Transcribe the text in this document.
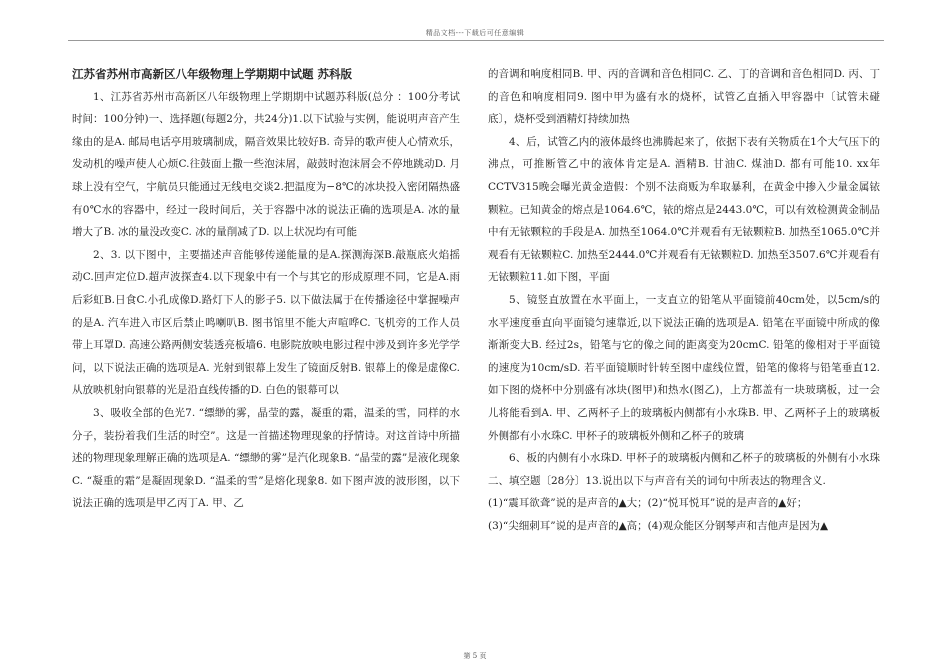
精品文档---下载后可任意编辑

江苏省苏州市高新区八年级物理上学期期中试题 苏科版

1、江苏省苏州市高新区八年级物理上学期期中试题苏科版(总分 ：100分考试时间：100分钟)一、选择题(每题2分，共24分)1.以下试验与实例，能说明声音产生缘由的是A. 邮局电话亭用玻璃制成，隔音效果比较好B. 奇异的歌声使人心情欢乐，发动机的噪声使人心烦C.往鼓面上撒一些泡沫屑，敲鼓时泡沫屑会不停地跳动D. 月球上没有空气，宇航员只能通过无线电交谈2.把温度为−8℃的冰块投入密闭隔热盛有0℃水的容器中，经过一段时间后，关于容器中冰的说法正确的选项是A. 冰的量增大了B. 冰的量没改变C. 冰的量削减了D. 以上状况均有可能

2、3. 以下图中，主要描述声音能够传递能量的是A.探测海深B.敲瓶底火焰摇动C.回声定位D.超声波探查4.以下现象中有一个与其它的形成原理不同，它是A.雨后彩虹B.日食C.小孔成像D.路灯下人的影子5. 以下做法属于在传播途径中掌握噪声的是A. 汽车进入市区后禁止鸣喇叭B. 图书馆里不能大声喧哗C. 飞机旁的工作人员带上耳罩D. 高速公路两侧安装透亮板墙6. 电影院放映电影过程中涉及到许多光学学问，以下说法正确的选项是A. 光射到银幕上发生了镜面反射B. 银幕上的像是虚像C. 从放映机射向银幕的光是沿直线传播的D. 白色的银幕可以

3、吸收全部的色光7. “缥缈的雾，晶莹的露，凝重的霜，温柔的雪，同样的水分子，装扮着我们生活的时空”。这是一首描述物理现象的抒情诗。对这首诗中所描述的物理现象理解正确的选项是A. “缥缈的雾”是汽化现象B. “晶莹的露”是液化现象C. “凝重的霜”是凝固现象D. “温柔的雪”是熔化现象8. 如下图声波的波形图，以下说法正确的选项是甲乙丙丁A. 甲、乙

的音调和响度相同B. 甲、丙的音调和音色相同C. 乙、丁的音调和音色相同D. 丙、丁的音色和响度相同9. 图中甲为盛有水的烧杯，试管乙直插入甲容器中〔试管未碰底〕，烧杯受到酒精灯持续加热

4、后，试管乙内的液体最终也沸腾起来了，依据下表有关物质在1个大气压下的沸点，可推断管乙中的液体肯定是A. 酒精B. 甘油C. 煤油D. 都有可能10. xx年CCTV315晚会曝光黄金造假：个别不法商贩为牟取暴利，在黄金中掺入少量金属铱颗粒。已知黄金的熔点是1064.6℃，铱的熔点是2443.0℃，可以有效检测黄金制品中有无铱颗粒的手段是A. 加热至1064.0℃并观看有无铱颗粒B. 加热至1065.0℃并观看有无铱颗粒C. 加热至2444.0℃并观看有无铱颗粒D. 加热至3507.6℃并观看有无铱颗粒11.如下图，平面

5、镜竖直放置在水平面上，一支直立的铅笔从平面镜前40cm处，以5cm/s的水平速度垂直向平面镜匀速靠近,以下说法正确的选项是A. 铅笔在平面镜中所成的像渐渐变大B. 经过2s，铅笔与它的像之间的距离变为20cmC. 铅笔的像相对于平面镜的速度为10cm/sD. 若平面镜顺时针转至图中虚线位置，铅笔的像将与铅笔垂直12.如下图的烧杯中分别盛有冰块(图甲)和热水(图乙)，上方都盖有一块玻璃板，过一会儿将能看到A. 甲、乙两杯子上的玻璃板内侧都有小水珠B. 甲、乙两杯子上的玻璃板外侧都有小水珠C. 甲杯子的玻璃板外侧和乙杯子的玻璃

6、板的内侧有小水珠D. 甲杯子的玻璃板内侧和乙杯子的玻璃板的外侧有小水珠二、填空题〔28分〕13.说出以下与声音有关的词句中所表达的物理含义.

(1)“震耳欲聋”说的是声音的▲大；(2)“悦耳悦耳”说的是声音的▲好；

(3)“尖细刺耳”说的是声音的▲高；(4)观众能区分钢琴声和吉他声是因为▲

第 5 页
